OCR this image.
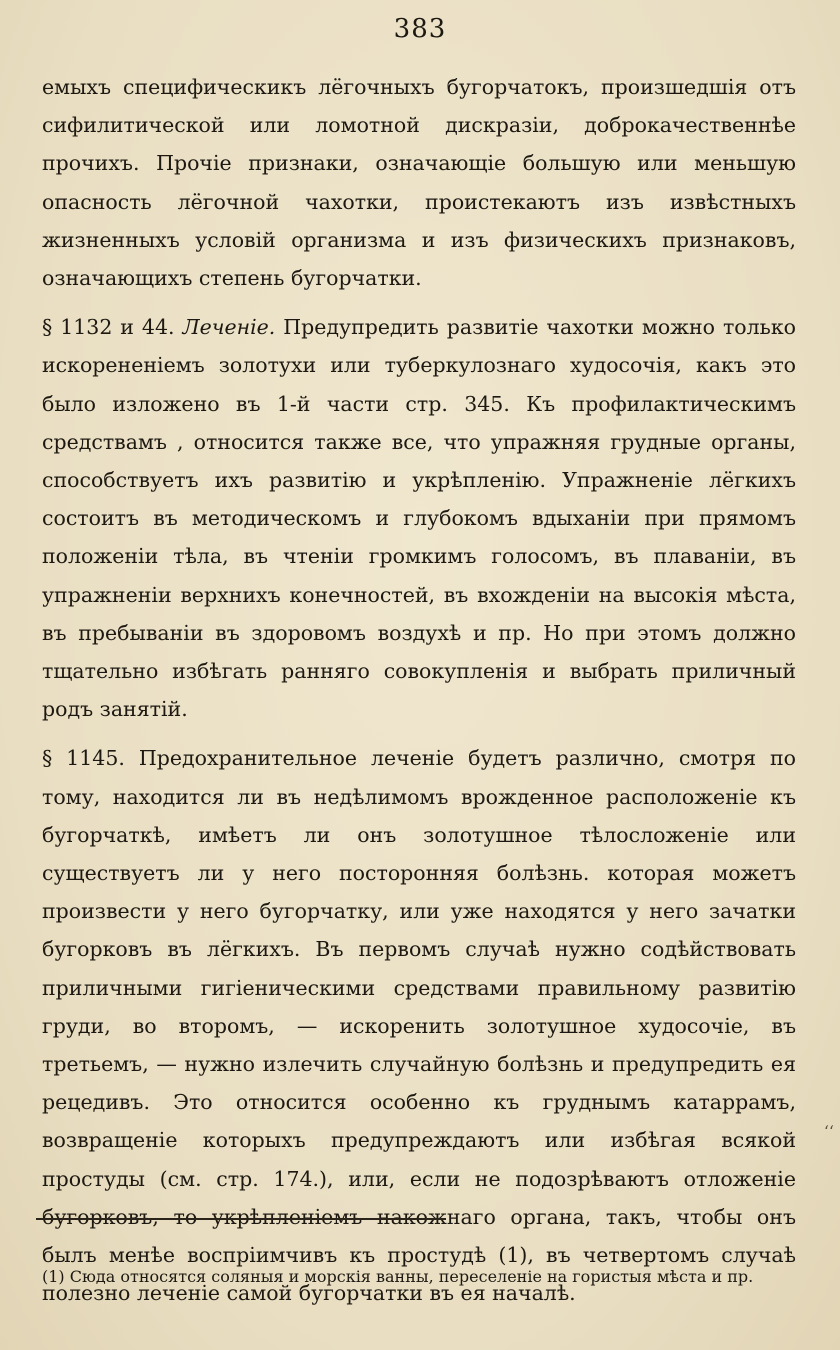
383

емыхъ специфическикъ лёгочныхъ бугорчатокъ, произшедшія отъ сифилитической или ломотной дискразіи, доброкачественнѣе прочихъ. Прочіе признаки, означающіе большую или меньшую опасность лёгочной чахотки, проистекаютъ изъ извѣстныхъ жизненныхъ условій организма и изъ физическихъ признаковъ, означающихъ степень бугорчатки.

§ 1132 и 44. Леченіе. Предупредить развитіе чахотки можно только искорененіемъ золотухи или туберкулознаго худосочія, какъ это было изложено въ 1-й части стр. 345. Къ профилактическимъ средствамъ , относится также все, что упражняя грудные органы, способствуетъ ихъ развитію и укрѣпленію. Упражненіе лёгкихъ состоитъ въ методическомъ и глубокомъ вдыханіи при прямомъ положеніи тѣла, въ чтеніи громкимъ голосомъ, въ плаваніи, въ упражненіи верхнихъ конечностей, въ вхожденіи на высокія мѣста, въ пребываніи въ здоровомъ воздухѣ и пр. Но при этомъ должно тщательно избѣгать ранняго совокупленія и выбрать приличный родъ занятій.

§ 1145. Предохранительное леченіе будетъ различно, смотря по тому, находится ли въ недѣлимомъ врожденное расположеніе къ бугорчаткѣ, имѣетъ ли онъ золотушное тѣлосложеніе или существуетъ ли у него посторонняя болѣзнь. которая можетъ произвести у него бугорчатку, или уже находятся у него зачатки бугорковъ въ лёгкихъ. Въ первомъ случаѣ нужно содѣйствовать приличными гигіеническими средствами правильному развитію груди, во второмъ, — искоренить золотушное худосочіе, въ третьемъ, — нужно излечить случайную болѣзнь и предупредить ея рецедивъ. Это относится особенно къ груднымъ катаррамъ, возвращеніе которыхъ предупреждаютъ или избѣгая всякой простуды (см. стр. 174.), или, если не подозрѣваютъ отложеніе бугорковъ, то укрѣпленіемъ накожнаго органа, такъ, чтобы онъ былъ менѣе воспріимчивъ къ простудѣ (1), въ четвертомъ случаѣ полезно леченіе самой бугорчатки въ ея началѣ.

‘‘
(1) Сюда относятся соляныя и морскія ванны, переселеніе на гористыя мѣста и пр.
